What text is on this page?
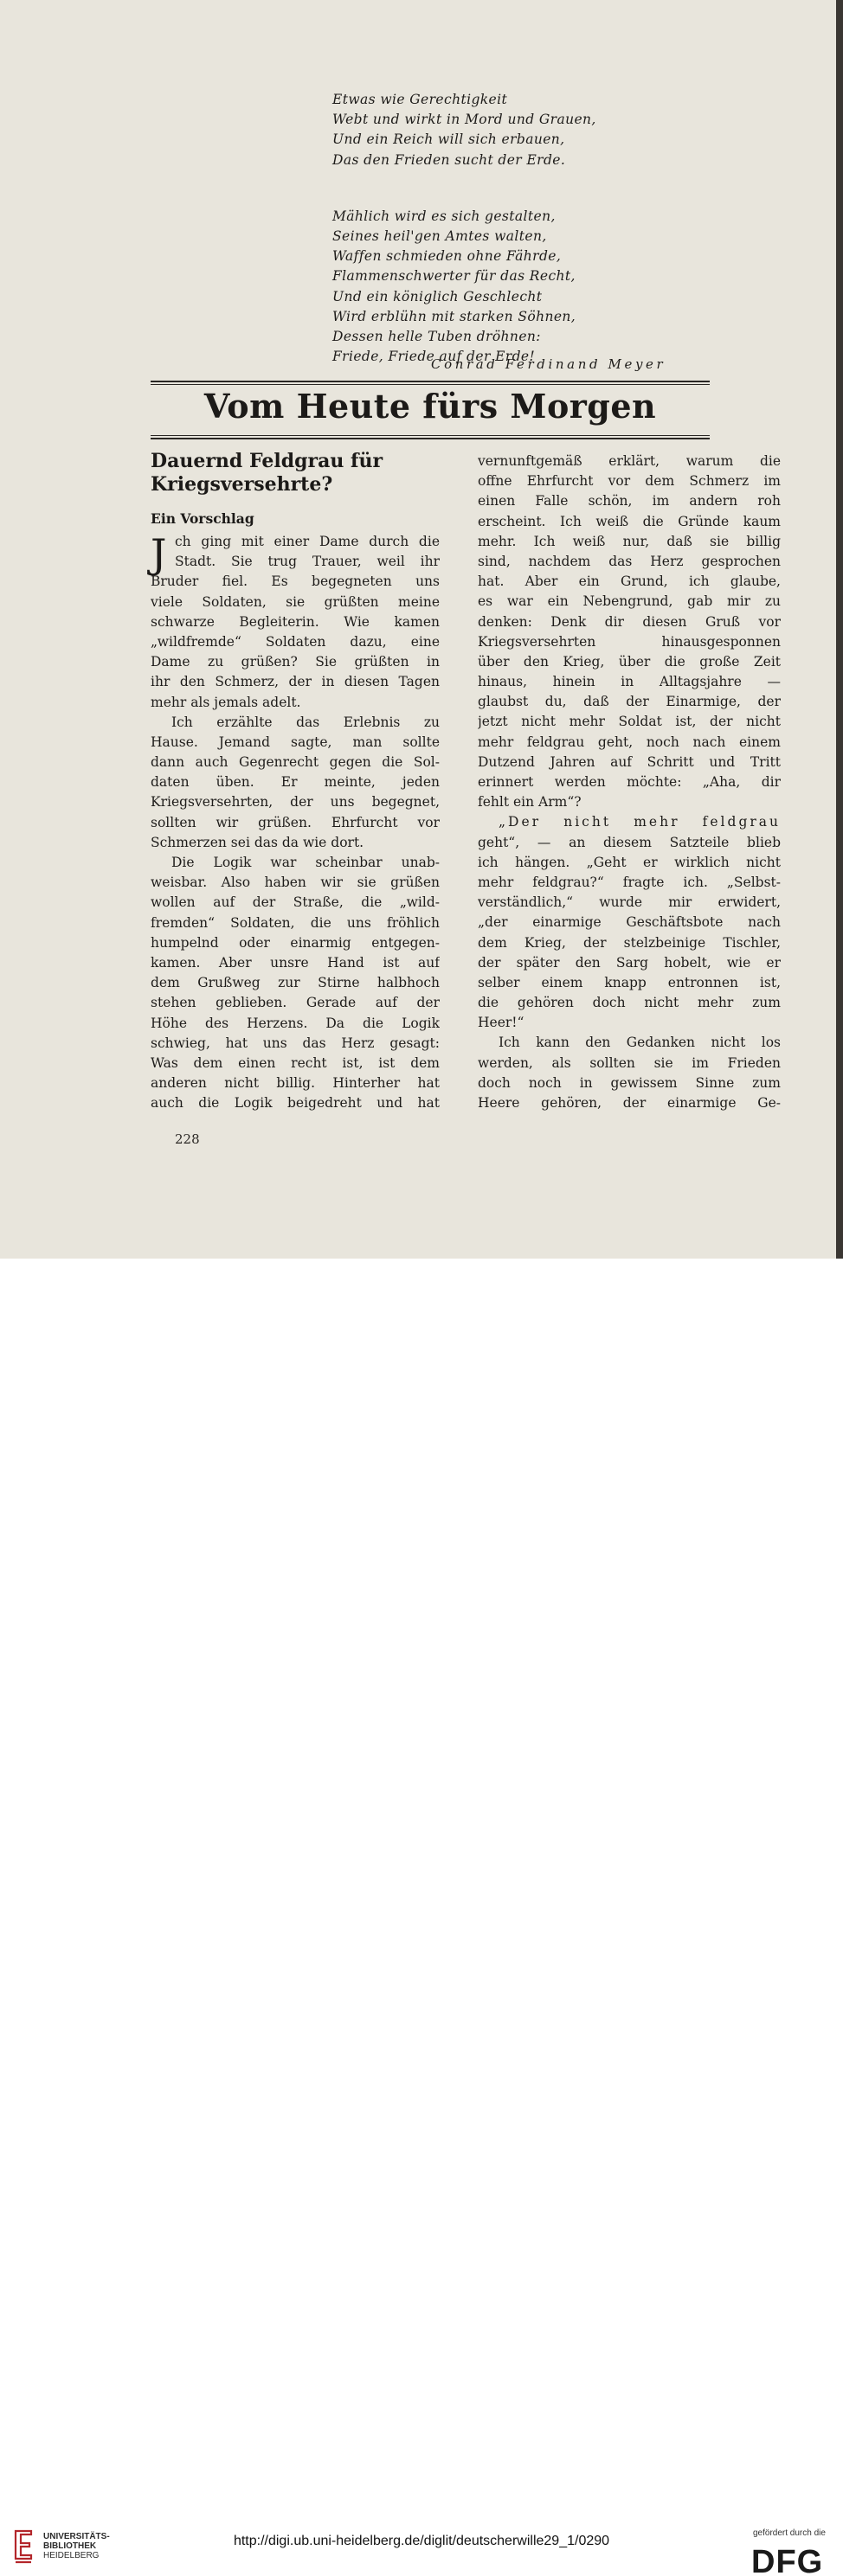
Etwas wie Gerechtigkeit
Webt und wirkt in Mord und Grauen,
Und ein Reich will sich erbauen,
Das den Frieden sucht der Erde.
Mählich wird es sich gestalten,
Seines heil'gen Amtes walten,
Waffen schmieden ohne Fährde,
Flammenschwerter für das Recht,
Und ein königlich Geschlecht
Wird erblühn mit starken Söhnen,
Dessen helle Tuben dröhnen:
Friede, Friede auf der Erde!
Conrad Ferdinand Meyer
Vom Heute fürs Morgen
Dauernd Feldgrau für
Kriegsversehrte?
Ein Vorschlag
J ch ging mit einer Dame durch die
Stadt. Sie trug Trauer, weil ihr
Bruder fiel. Es begegneten uns
viele Soldaten, sie grüßten meine
schwarze Begleiterin. Wie kamen
„wildfremde“ Soldaten dazu, eine
Dame zu grüßen? Sie grüßten in
ihr den Schmerz, der in diesen Tagen
mehr als jemals adelt.
Ich erzählte das Erlebnis zu
Hause. Jemand sagte, man sollte
dann auch Gegenrecht gegen die Sol-
daten üben. Er meinte, jeden
Kriegsversehrten, der uns begegnet,
sollten wir grüßen. Ehrfurcht vor
Schmerzen sei das da wie dort.
Die Logik war scheinbar unab-
weisbar. Also haben wir sie grüßen
wollen auf der Straße, die „wild-
fremden“ Soldaten, die uns fröhlich
humpelnd oder einarmig entgegen-
kamen. Aber unsre Hand ist auf
dem Grußweg zur Stirne halbhoch
stehen geblieben. Gerade auf der
Höhe des Herzens. Da die Logik
schwieg, hat uns das Herz gesagt:
Was dem einen recht ist, ist dem
anderen nicht billig. Hinterher hat
auch die Logik beigedreht und hat
vernunftgemäß erklärt, warum die
offne Ehrfurcht vor dem Schmerz im
einen Falle schön, im andern roh
erscheint. Ich weiß die Gründe kaum
mehr. Ich weiß nur, daß sie billig
sind, nachdem das Herz gesprochen
hat. Aber ein Grund, ich glaube,
es war ein Nebengrund, gab mir zu
denken: Denk dir diesen Gruß vor
Kriegsversehrten hinausgesponnen
über den Krieg, über die große Zeit
hinaus, hinein in Alltagsjahre —
glaubst du, daß der Einarmige, der
jetzt nicht mehr Soldat ist, der nicht
mehr feldgrau geht, noch nach einem
Dutzend Jahren auf Schritt und Tritt
erinnert werden möchte: „Aha, dir
fehlt ein Arm“?
„Der nicht mehr feldgrau
geht“, — an diesem Satzteile blieb
ich hängen. „Geht er wirklich nicht
mehr feldgrau?“ fragte ich. „Selbst-
verständlich,“ wurde mir erwidert,
„der einarmige Geschäftsbote nach
dem Krieg, der stelzbeinige Tischler,
der später den Sarg hobelt, wie er
selber einem knapp entronnen ist,
die gehören doch nicht mehr zum
Heer!“
Ich kann den Gedanken nicht los
werden, als sollten sie im Frieden
doch noch in gewissem Sinne zum
Heere gehören, der einarmige Ge-
228
UNIVERSITÄTS-
BIBLIOTHEK
HEIDELBERG
http://digi.ub.uni-heidelberg.de/diglit/deutscherwille29_1/0290
gefördert durch die
DFG
